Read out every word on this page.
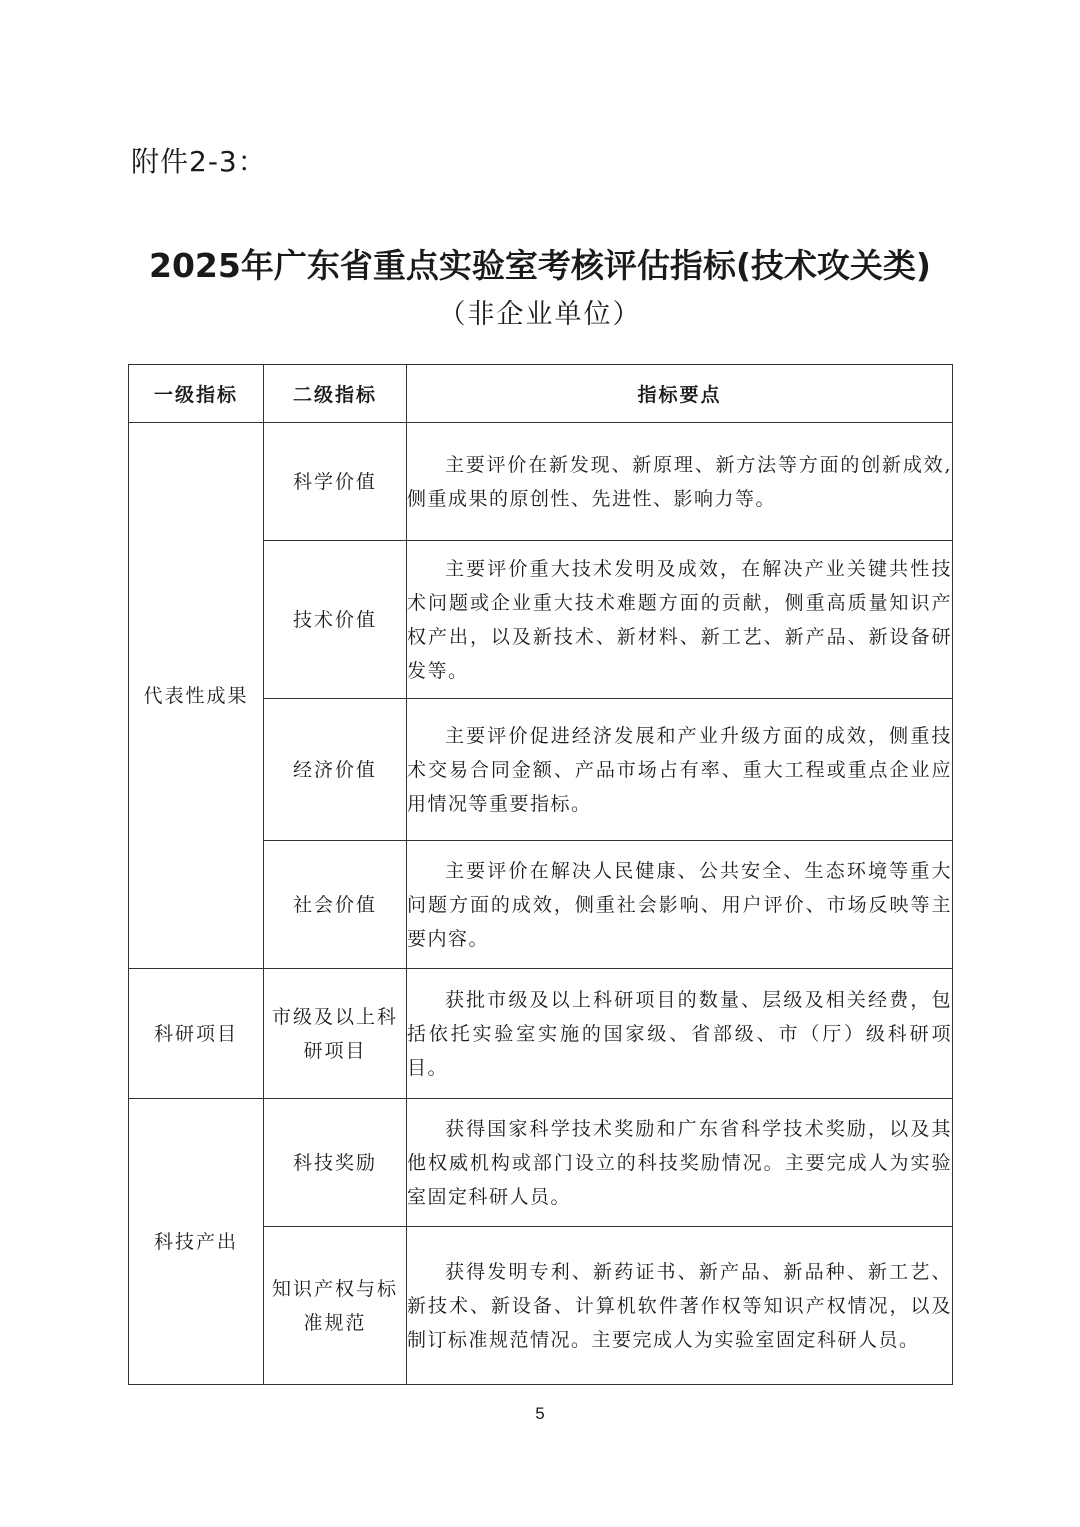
附件2-3：
2025年广东省重点实验室考核评估指标(技术攻关类)
（非企业单位）
一级指标	二级指标	指标要点
代表性成果	科学价值	主要评价在新发现、新原理、新方法等方面的创新成效,侧重成果的原创性、先进性、影响力等。

	技术价值	主要评价重大技术发明及成效，在解决产业关键共性技术问题或企业重大技术难题方面的贡献，侧重高质量知识产权产出，以及新技术、新材料、新工艺、新产品、新设备研发等。

	经济价值	主要评价促进经济发展和产业升级方面的成效，侧重技术交易合同金额、产品市场占有率、重大工程或重点企业应用情况等重要指标。

	社会价值	主要评价在解决人民健康、公共安全、生态环境等重大问题方面的成效，侧重社会影响、用户评价、市场反映等主要内容。

科研项目	市级及以上科研项目	获批市级及以上科研项目的数量、层级及相关经费，包括依托实验室实施的国家级、省部级、市（厅）级科研项目。

科技产出	科技奖励	获得国家科学技术奖励和广东省科学技术奖励，以及其他权威机构或部门设立的科技奖励情况。主要完成人为实验室固定科研人员。

	知识产权与标准规范	获得发明专利、新药证书、新产品、新品种、新工艺、新技术、新设备、计算机软件著作权等知识产权情况，以及制订标准规范情况。主要完成人为实验室固定科研人员。
5
